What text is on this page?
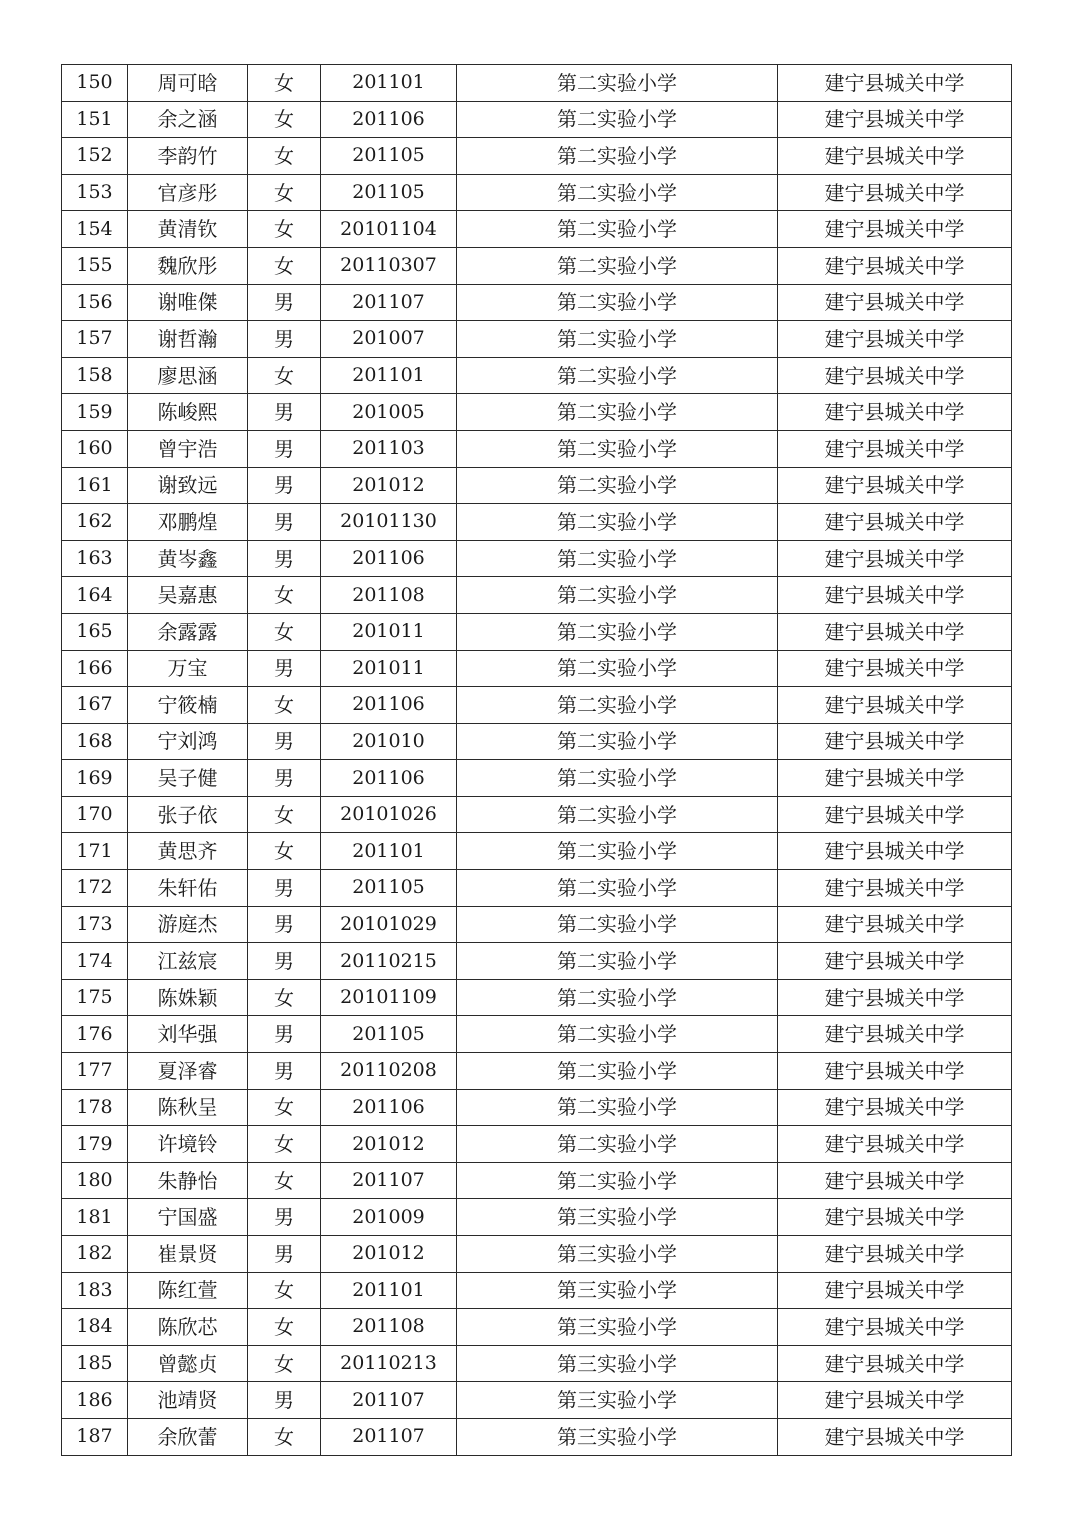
150	周可晗	女	201101	第二实验小学	建宁县城关中学
151	余之涵	女	201106	第二实验小学	建宁县城关中学
152	李韵竹	女	201105	第二实验小学	建宁县城关中学
153	官彦彤	女	201105	第二实验小学	建宁县城关中学
154	黄清钦	女	20101104	第二实验小学	建宁县城关中学
155	魏欣彤	女	20110307	第二实验小学	建宁县城关中学
156	谢唯傑	男	201107	第二实验小学	建宁县城关中学
157	谢哲瀚	男	201007	第二实验小学	建宁县城关中学
158	廖思涵	女	201101	第二实验小学	建宁县城关中学
159	陈峻熙	男	201005	第二实验小学	建宁县城关中学
160	曾宇浩	男	201103	第二实验小学	建宁县城关中学
161	谢致远	男	201012	第二实验小学	建宁县城关中学
162	邓鹏煌	男	20101130	第二实验小学	建宁县城关中学
163	黄岑鑫	男	201106	第二实验小学	建宁县城关中学
164	吴嘉惠	女	201108	第二实验小学	建宁县城关中学
165	余露露	女	201011	第二实验小学	建宁县城关中学
166	万宝	男	201011	第二实验小学	建宁县城关中学
167	宁筱楠	女	201106	第二实验小学	建宁县城关中学
168	宁刘鸿	男	201010	第二实验小学	建宁县城关中学
169	吴子健	男	201106	第二实验小学	建宁县城关中学
170	张子依	女	20101026	第二实验小学	建宁县城关中学
171	黄思齐	女	201101	第二实验小学	建宁县城关中学
172	朱轩佑	男	201105	第二实验小学	建宁县城关中学
173	游庭杰	男	20101029	第二实验小学	建宁县城关中学
174	江兹宸	男	20110215	第二实验小学	建宁县城关中学
175	陈姝颖	女	20101109	第二实验小学	建宁县城关中学
176	刘华强	男	201105	第二实验小学	建宁县城关中学
177	夏泽睿	男	20110208	第二实验小学	建宁县城关中学
178	陈秋呈	女	201106	第二实验小学	建宁县城关中学
179	许境铃	女	201012	第二实验小学	建宁县城关中学
180	朱静怡	女	201107	第二实验小学	建宁县城关中学
181	宁国盛	男	201009	第三实验小学	建宁县城关中学
182	崔景贤	男	201012	第三实验小学	建宁县城关中学
183	陈红萱	女	201101	第三实验小学	建宁县城关中学
184	陈欣芯	女	201108	第三实验小学	建宁县城关中学
185	曾懿贞	女	20110213	第三实验小学	建宁县城关中学
186	池靖贤	男	201107	第三实验小学	建宁县城关中学
187	余欣蕾	女	201107	第三实验小学	建宁县城关中学
